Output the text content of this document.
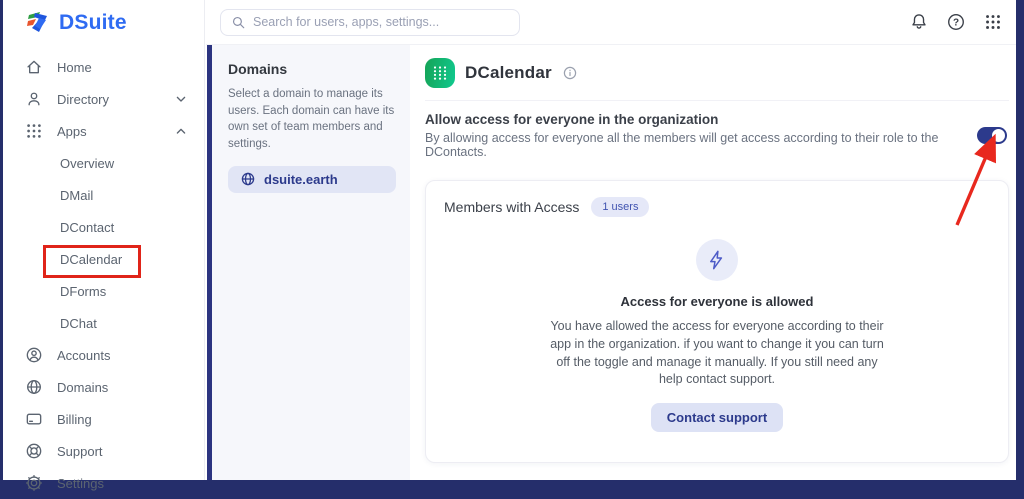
DSuite
Home
Directory
Apps
Overview
DMail
DContact
DCalendar
DForms
DChat
Accounts
Domains
Billing
Support
Settings
Search for users, apps, settings...
?
Domains
Select a domain to manage its users. Each domain can have its own set of team members and settings.
dsuite.earth
DCalendar
Allow access for everyone in the organization
By allowing access for everyone all the members will get access according to their role to the DContacts.
Members with Access	1 users
Access for everyone is allowed
You have allowed the access for everyone according to their app in the organization. if you want to change it you can turn off the toggle and manage it manually. If you still need any help contact support.
Contact support
